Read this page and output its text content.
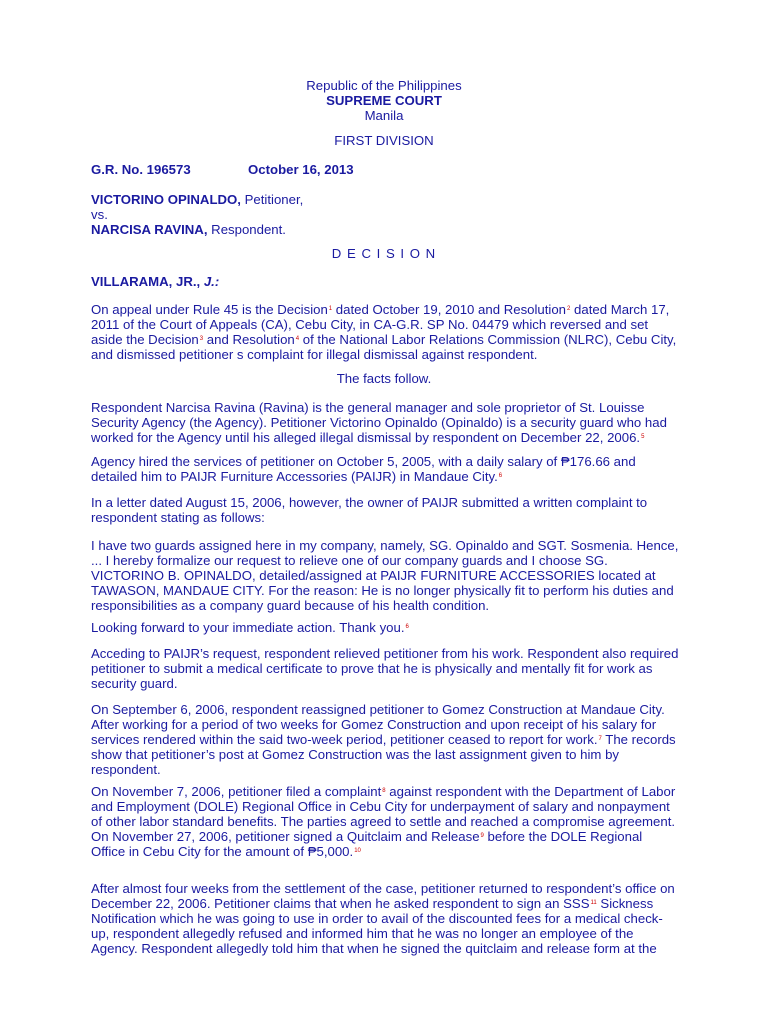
Republic of the Philippines
SUPREME COURT
Manila
FIRST DIVISION
G.R. No. 196573	October 16, 2013
VICTORINO OPINALDO, Petitioner,
vs.
NARCISA RAVINA, Respondent.
D E C I S I O N
VILLARAMA, JR., J.:

On appeal under Rule 45 is the Decision$^1$ dated October 19, 2010 and Resolution$^2$ dated March 17, 2011 of the Court of Appeals (CA), Cebu City, in CA-G.R. SP No. 04479 which reversed and set aside the Decision$^3$ and Resolution$^4$ of the National Labor Relations Commission (NLRC), Cebu City, and dismissed petitioner s complaint for illegal dismissal against respondent.

The facts follow.

Respondent Narcisa Ravina (Ravina) is the general manager and sole proprietor of St. Louisse Security Agency (the Agency). Petitioner Victorino Opinaldo (Opinaldo) is a security guard who had worked for the Agency until his alleged illegal dismissal by respondent on December 22, 2006.$^5$

Agency hired the services of petitioner on October 5, 2005, with a daily salary of ₱176.66 and detailed him to PAIJR Furniture Accessories (PAIJR) in Mandaue City.$^6$

In a letter dated August 15, 2006, however, the owner of PAIJR submitted a written complaint to respondent stating as follows:

I have two guards assigned here in my company, namely, SG. Opinaldo and SGT. Sosmenia. Hence, ... I hereby formalize our request to relieve one of our company guards and I choose SG. VICTORINO B. OPINALDO, detailed/assigned at PAIJR FURNITURE ACCESSORIES located at TAWASON, MANDAUE CITY. For the reason: He is no longer physically fit to perform his duties and responsibilities as a company guard because of his health condition.

Looking forward to your immediate action. Thank you.$^6$

Acceding to PAIJR’s request, respondent relieved petitioner from his work. Respondent also required petitioner to submit a medical certificate to prove that he is physically and mentally fit for work as security guard.

On September 6, 2006, respondent reassigned petitioner to Gomez Construction at Mandaue City. After working for a period of two weeks for Gomez Construction and upon receipt of his salary for services rendered within the said two-week period, petitioner ceased to report for work.$^7$ The records show that petitioner’s post at Gomez Construction was the last assignment given to him by respondent.

On November 7, 2006, petitioner filed a complaint$^8$ against respondent with the Department of Labor and Employment (DOLE) Regional Office in Cebu City for underpayment of salary and nonpayment of other labor standard benefits. The parties agreed to settle and reached a compromise agreement. On November 27, 2006, petitioner signed a Quitclaim and Release$^9$ before the DOLE Regional Office in Cebu City for the amount of ₱5,000.10

After almost four weeks from the settlement of the case, petitioner returned to respondent’s office on December 22, 2006. Petitioner claims that when he asked respondent to sign an SSS$^{11}$ Sickness Notification which he was going to use in order to avail of the discounted fees for a medical check-up, respondent allegedly refused and informed him that he was no longer an employee of the Agency. Respondent allegedly told him that when he signed the quitclaim and release form at the
